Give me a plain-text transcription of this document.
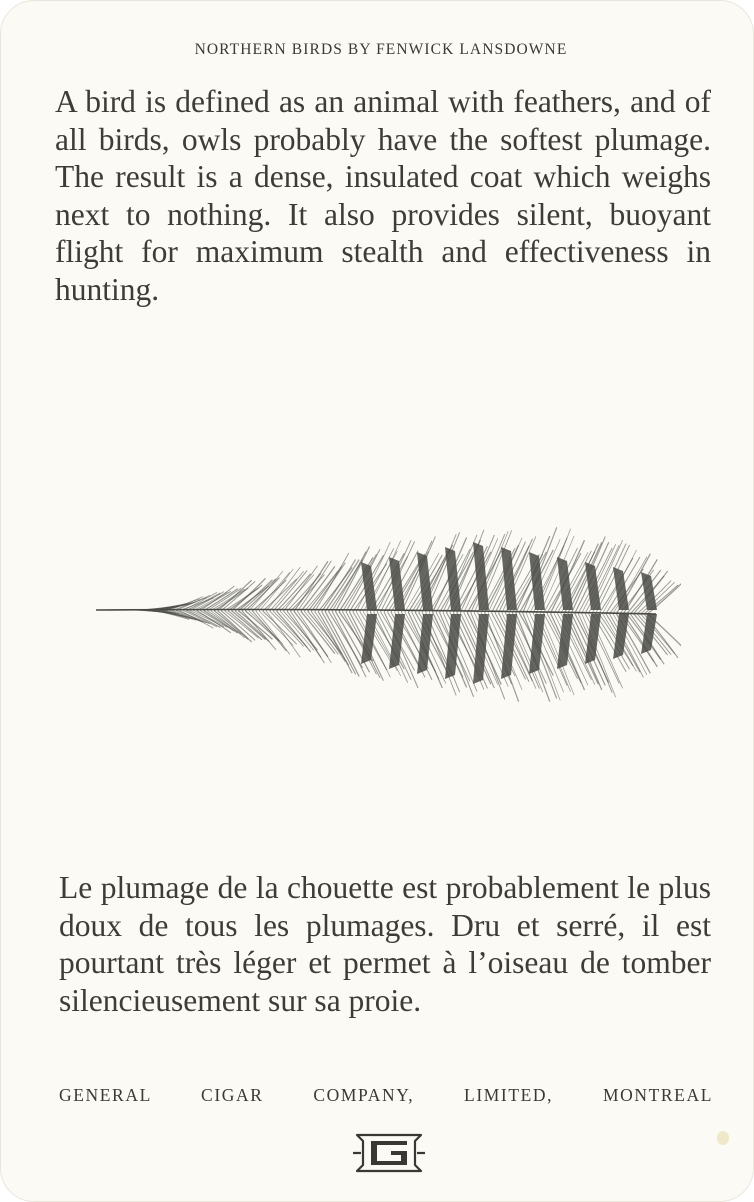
NORTHERN BIRDS BY FENWICK LANSDOWNE

A bird is defined as an animal with feathers, and of all birds, owls probably have the softest plumage. The result is a dense, insulated coat which weighs next to nothing. It also provides silent, buoyant flight for maximum stealth and effectiveness in hunting.

Le plumage de la chouette est probablement le plus doux de tous les plumages. Dru et serré, il est pourtant très léger et permet à l’oiseau de tomber silencieusement sur sa proie.

GENERAL CIGAR COMPANY, LIMITED, MONTREAL
